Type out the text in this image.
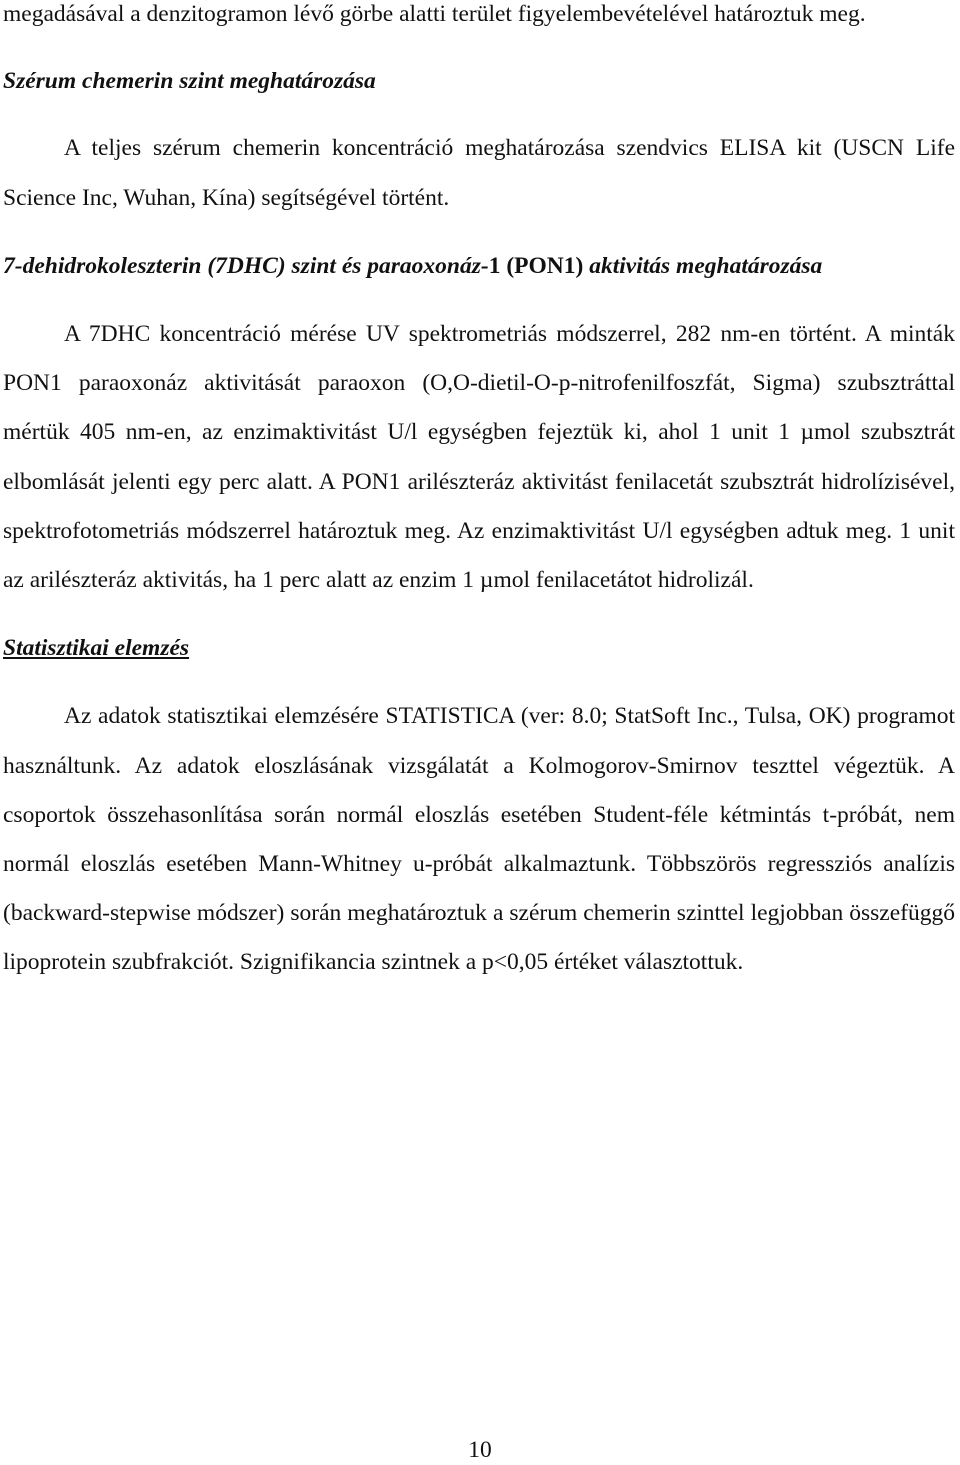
megadásával a denzitogramon lévő görbe alatti terület figyelembevételével határoztuk meg.

Szérum chemerin szint meghatározása

A teljes szérum chemerin koncentráció meghatározása szendvics ELISA kit (USCN Life Science Inc, Wuhan, Kína) segítségével történt.

7-dehidrokoleszterin (7DHC) szint és paraoxonáz-1 (PON1) aktivitás meghatározása

A 7DHC koncentráció mérése UV spektrometriás módszerrel, 282 nm-en történt. A minták PON1 paraoxonáz aktivitását paraoxon (O,O-dietil-O-p-nitrofenilfoszfát, Sigma) szubsztráttal mértük 405 nm-en, az enzimaktivitást U/l egységben fejeztük ki, ahol 1 unit 1 µmol szubsztrát elbomlását jelenti egy perc alatt. A PON1 arilészteráz aktivitást fenilacetát szubsztrát hidrolízisével, spektrofotometriás módszerrel határoztuk meg. Az enzimaktivitást U/l egységben adtuk meg. 1 unit az arilészteráz aktivitás, ha 1 perc alatt az enzim 1 µmol fenilacetátot hidrolizál.

Statisztikai elemzés

Az adatok statisztikai elemzésére STATISTICA (ver: 8.0; StatSoft Inc., Tulsa, OK) programot használtunk. Az adatok eloszlásának vizsgálatát a Kolmogorov-Smirnov teszttel végeztük. A csoportok összehasonlítása során normál eloszlás esetében Student-féle kétmintás t-próbát, nem normál eloszlás esetében Mann-Whitney u-próbát alkalmaztunk. Többszörös regressziós analízis (backward-stepwise módszer) során meghatároztuk a szérum chemerin szinttel legjobban összefüggő lipoprotein szubfrakciót. Szignifikancia szintnek a p<0,05 értéket választottuk.

10
